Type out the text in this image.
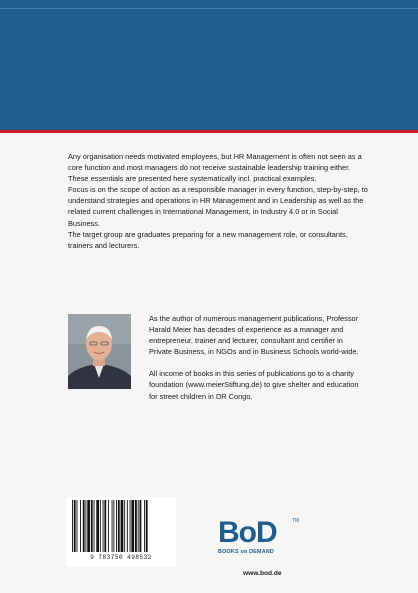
Any organisation needs motivated employees, but HR Management is often not seen as a core function and most managers do not receive sustainable leadership training either.

These essentials are presented here systematically incl. practical examples.

Focus is on the scope of action as a responsible manager in every function, step-by-step, to understand strategies and operations in HR Management and in Leadership as well as the related current challenges in International Management, in Industry 4.0 or in Social Business.

The target group are graduates preparing for a new management role, or consultants, trainers and lecturers.

As the author of numerous management publications, Professor Harald Meier has decades of experience as a manager and entrepreneur, trainer and lecturer, consultant and certifier in Private Business, in NGOs and in Business Schools world-wide.

All income of books in this series of publications go to a charity foundation (www.meierStiftung.de) to give shelter and education for street children in DR Congo.

9 783750 498532
BoD	TM
BOOKS on DEMAND
www.bod.de
